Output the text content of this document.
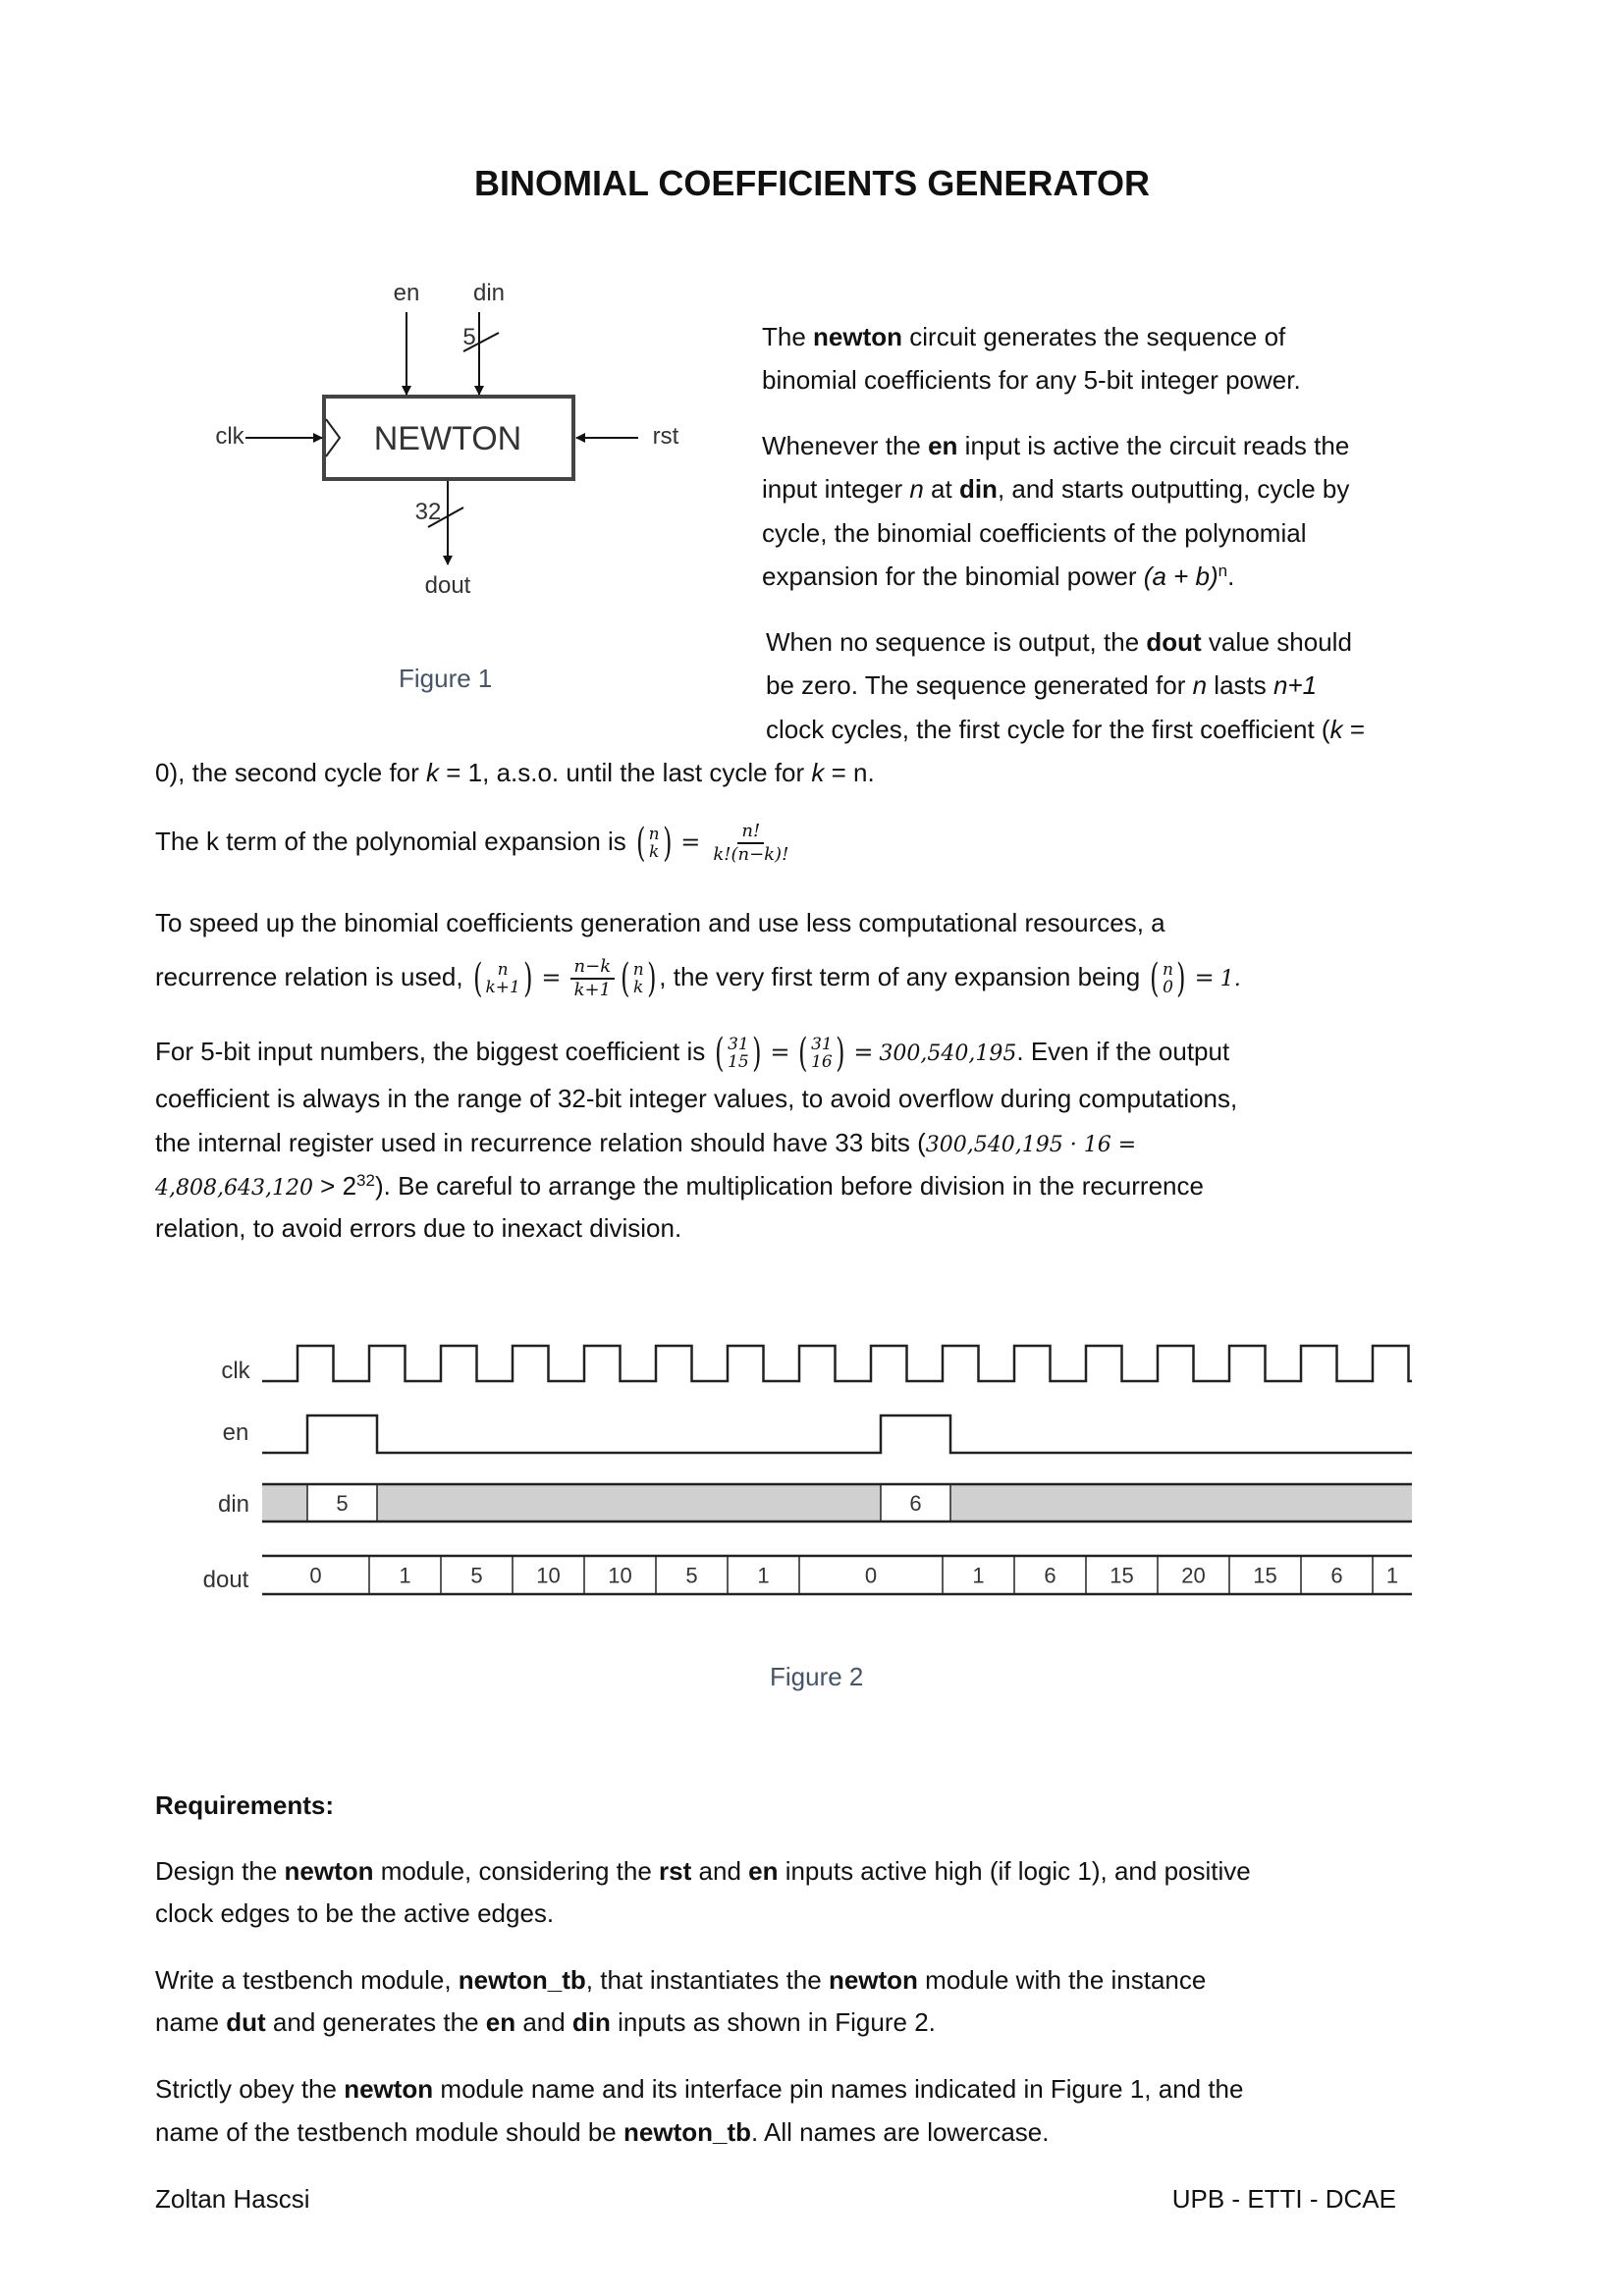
BINOMIAL COEFFICIENTS GENERATOR
NEWTON
en din
5
clk	rst
32
dout
Figure 1
The newton circuit generates the sequence of
binomial coefficients for any 5-bit integer power.
Whenever the en input is active the circuit reads the
input integer n at din, and starts outputting, cycle by
cycle, the binomial coefficients of the polynomial
expansion for the binomial power $(a + b)^n$.
When no sequence is output, the dout value should
be zero. The sequence generated for n lasts n+1
clock cycles, the first cycle for the first coefficient (k =
0), the second cycle for k = 1, a.s.o. until the last cycle for k = n.
The k term of the polynomial expansion is ( n
k ) = $\frac{n!}{k!(n-k)!}$
To speed up the binomial coefficients generation and use less computational resources, a
recurrence relation is used, ( n
k+1 ) = $\frac{n-k}{k+1}$ ( n
k ) , the very first term of any expansion being ( n
0 ) = 1.
For 5-bit input numbers, the biggest coefficient is ( 31
15 ) = ( 31
16 ) = 300,540,195. Even if the output
coefficient is always in the range of 32-bit integer values, to avoid overflow during computations,
the internal register used in recurrence relation should have 33 bits (300,540,195 · 16 =
$4,808,643,120 > 2^{32}$). Be careful to arrange the multiplication before division in the recurrence
relation, to avoid errors due to inexact division.
clk
en
din
dout
5	6
0	1	5 10 10 5	1	0	1	6 15 20 15 6 1
Figure 2
Requirements:
Design the newton module, considering the rst and en inputs active high (if logic 1), and positive
clock edges to be the active edges.
Write a testbench module, newton_tb, that instantiates the newton module with the instance
name dut and generates the en and din inputs as shown in Figure 2.
Strictly obey the newton module name and its interface pin names indicated in Figure 1, and the
name of the testbench module should be newton_tb. All names are lowercase.
Zoltan Hascsi	UPB - ETTI - DCAE
